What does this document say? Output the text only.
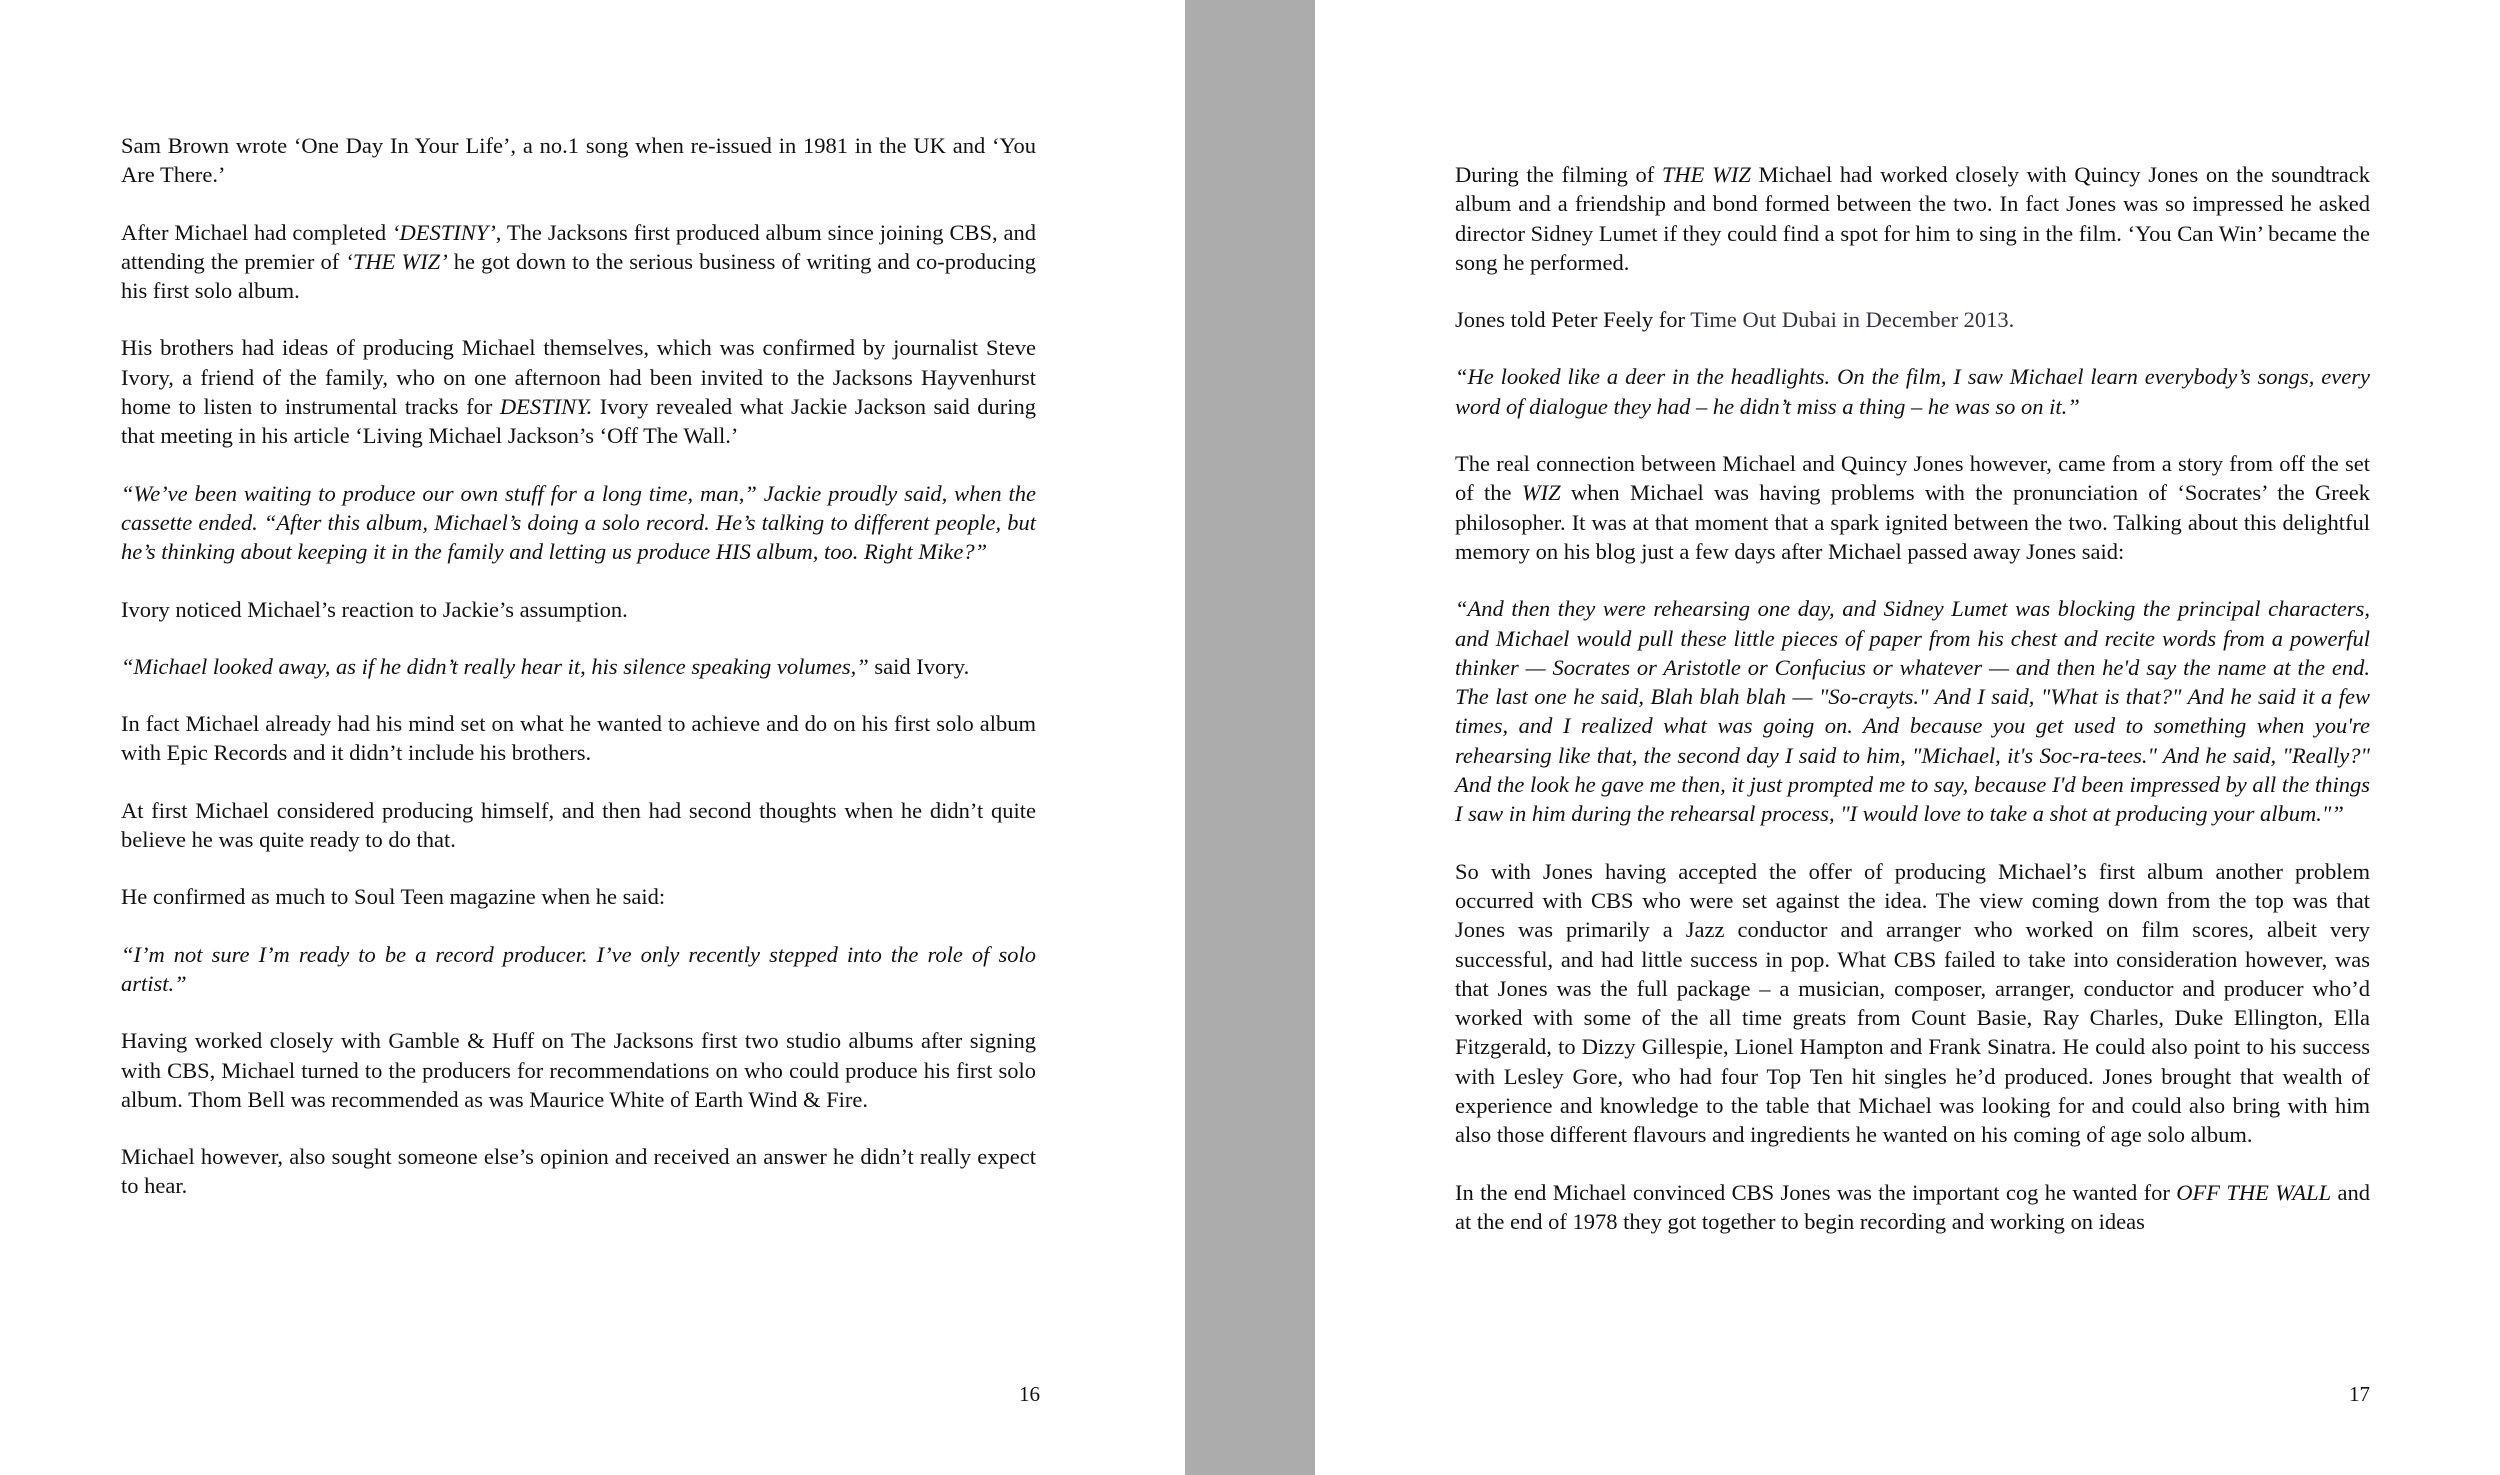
Sam Brown wrote ‘One Day In Your Life’, a no.1 song when re-issued in 1981 in the UK and ‘You Are There.’

After Michael had completed ‘DESTINY’, The Jacksons first produced album since joining CBS, and attending the premier of ‘THE WIZ’ he got down to the serious business of writing and co-producing his first solo album.

His brothers had ideas of producing Michael themselves, which was confirmed by journalist Steve Ivory, a friend of the family, who on one afternoon had been invited to the Jacksons Hayvenhurst home to listen to instrumental tracks for DESTINY. Ivory revealed what Jackie Jackson said during that meeting in his article ‘Living Michael Jackson’s ‘Off The Wall.’

“We’ve been waiting to produce our own stuff for a long time, man,” Jackie proudly said, when the cassette ended. “After this album, Michael’s doing a solo record. He’s talking to different people, but he’s thinking about keeping it in the family and letting us produce HIS album, too. Right Mike?”

Ivory noticed Michael’s reaction to Jackie’s assumption.

“Michael looked away, as if he didn’t really hear it, his silence speaking volumes,” said Ivory.

In fact Michael already had his mind set on what he wanted to achieve and do on his first solo album with Epic Records and it didn’t include his brothers.

At first Michael considered producing himself, and then had second thoughts when he didn’t quite believe he was quite ready to do that.

He confirmed as much to Soul Teen magazine when he said:

“I’m not sure I’m ready to be a record producer. I’ve only recently stepped into the role of solo artist.”

Having worked closely with Gamble & Huff on The Jacksons first two studio albums after signing with CBS, Michael turned to the producers for recommendations on who could produce his first solo album. Thom Bell was recommended as was Maurice White of Earth Wind & Fire.

Michael however, also sought someone else’s opinion and received an answer he didn’t really expect to hear.

16

During the filming of THE WIZ Michael had worked closely with Quincy Jones on the soundtrack album and a friendship and bond formed between the two. In fact Jones was so impressed he asked director Sidney Lumet if they could find a spot for him to sing in the film. ‘You Can Win’ became the song he performed.

Jones told Peter Feely for Time Out Dubai in December 2013.

“He looked like a deer in the headlights. On the film, I saw Michael learn everybody’s songs, every word of dialogue they had – he didn’t miss a thing – he was so on it.”

The real connection between Michael and Quincy Jones however, came from a story from off the set of the WIZ when Michael was having problems with the pronunciation of ‘Socrates’ the Greek philosopher. It was at that moment that a spark ignited between the two. Talking about this delightful memory on his blog just a few days after Michael passed away Jones said:

“And then they were rehearsing one day, and Sidney Lumet was blocking the principal characters, and Michael would pull these little pieces of paper from his chest and recite words from a powerful thinker — Socrates or Aristotle or Confucius or whatever — and then he'd say the name at the end. The last one he said, Blah blah blah — "So-crayts." And I said, "What is that?" And he said it a few times, and I realized what was going on. And because you get used to something when you're rehearsing like that, the second day I said to him, "Michael, it's Soc-ra-tees." And he said, "Really?" And the look he gave me then, it just prompted me to say, because I'd been impressed by all the things I saw in him during the rehearsal process, "I would love to take a shot at producing your album."”

So with Jones having accepted the offer of producing Michael’s first album another problem occurred with CBS who were set against the idea. The view coming down from the top was that Jones was primarily a Jazz conductor and arranger who worked on film scores, albeit very successful, and had little success in pop. What CBS failed to take into consideration however, was that Jones was the full package – a musician, composer, arranger, conductor and producer who’d worked with some of the all time greats from Count Basie, Ray Charles, Duke Ellington, Ella Fitzgerald, to Dizzy Gillespie, Lionel Hampton and Frank Sinatra. He could also point to his success with Lesley Gore, who had four Top Ten hit singles he’d produced. Jones brought that wealth of experience and knowledge to the table that Michael was looking for and could also bring with him also those different flavours and ingredients he wanted on his coming of age solo album.

In the end Michael convinced CBS Jones was the important cog he wanted for OFF THE WALL and at the end of 1978 they got together to begin recording and working on ideas

17
